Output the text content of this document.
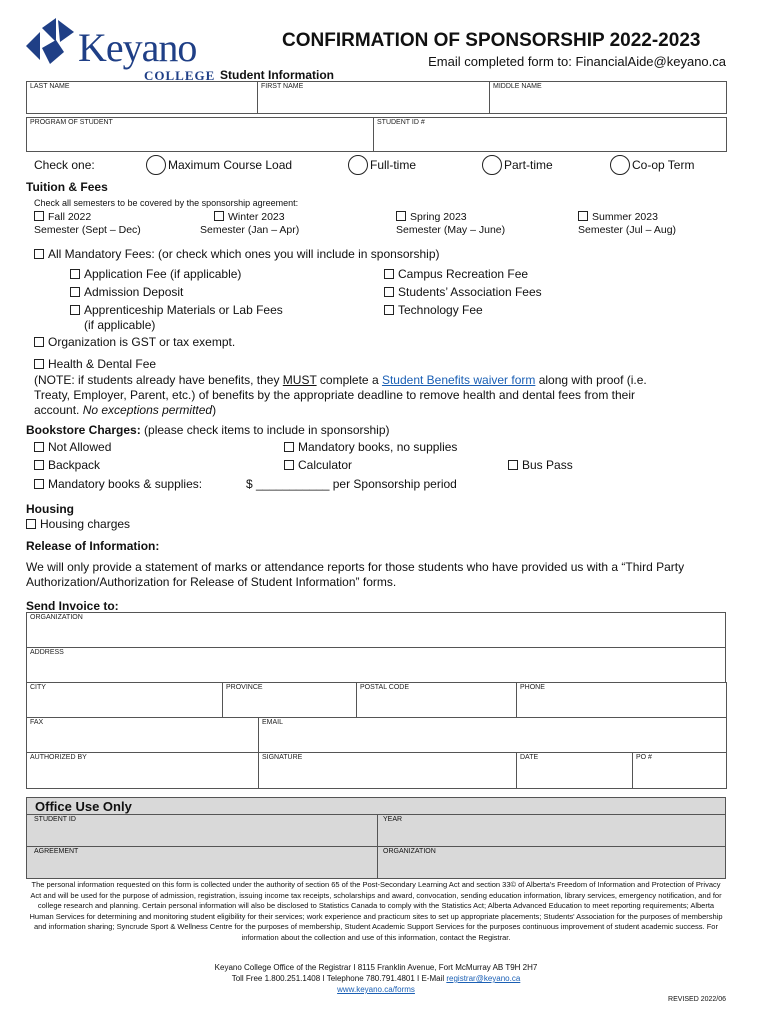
Keyano
COLLEGE
CONFIRMATION OF SPONSORSHIP 2022-2023
Email completed form to: FinancialAide@keyano.ca
Student Information
LAST NAME	FIRST NAME	MIDDLE NAME
PROGRAM OF STUDENT	STUDENT ID #
Check one:	Maximum Course Load	Full-time	Part-time	Co-op Term
Tuition & Fees
Check all semesters to be covered by the sponsorship agreement:
Fall 2022
Semester (Sept – Dec)
Winter 2023
Semester (Jan – Apr)
Spring 2023
Semester (May – June)
Summer 2023
Semester (Jul – Aug)
All Mandatory Fees: (or check which ones you will include in sponsorship)
Application Fee (if applicable)
Admission Deposit
Apprenticeship Materials or Lab Fees
(if applicable)
Campus Recreation Fee
Students’ Association Fees
Technology Fee
Organization is GST or tax exempt.
Health & Dental Fee
(NOTE: if students already have benefits, they MUST complete a Student Benefits waiver form along with proof (i.e.
Treaty, Employer, Parent, etc.) of benefits by the appropriate deadline to remove health and dental fees from their
account. No exceptions permitted)
Bookstore Charges: (please check items to include in sponsorship)
Not Allowed	Mandatory books, no supplies
Backpack	Calculator	Bus Pass
Mandatory books & supplies:	$ ___________ per Sponsorship period
Housing
Housing charges
Release of Information:
We will only provide a statement of marks or attendance reports for those students who have provided us with a “Third Party
Authorization/Authorization for Release of Student Information” forms.
Send Invoice to:
ORGANIZATION
ADDRESS
CITY	PROVINCE	POSTAL CODE	PHONE
FAX	EMAIL
AUTHORIZED BY	SIGNATURE	DATE	PO #
Office Use Only
STUDENT ID	YEAR
AGREEMENT	ORGANIZATION
The personal information requested on this form is collected under the authority of section 65 of the Post-Secondary Learning Act and section 33© of Alberta's Freedom of Information and Protection of Privacy Act and will be used for the purpose of admission, registration, issuing income tax receipts, scholarships and award, convocation, sending education information, library services, emergency notification, and for college research and planning. Certain personal information will also be disclosed to Statistics Canada to comply with the Statistics Act; Alberta Advanced Education to meet reporting requirements; Alberta Human Services for determining and monitoring student eligibility for their services; work experience and practicum sites to set up appropriate placements; Students' Association for the purposes of membership and information sharing; Syncrude Sport & Wellness Centre for the purposes of membership, Student Academic Support Services for the purposes continuous improvement of student academic success. For information about the collection and use of this information, contact the Registrar.
Keyano College Office of the Registrar I 8115 Franklin Avenue, Fort McMurray AB T9H 2H7
Toll Free 1.800.251.1408 I Telephone 780.791.4801 I E-Mail registrar@keyano.ca
www.keyano.ca/forms
REVISED 2022/06
